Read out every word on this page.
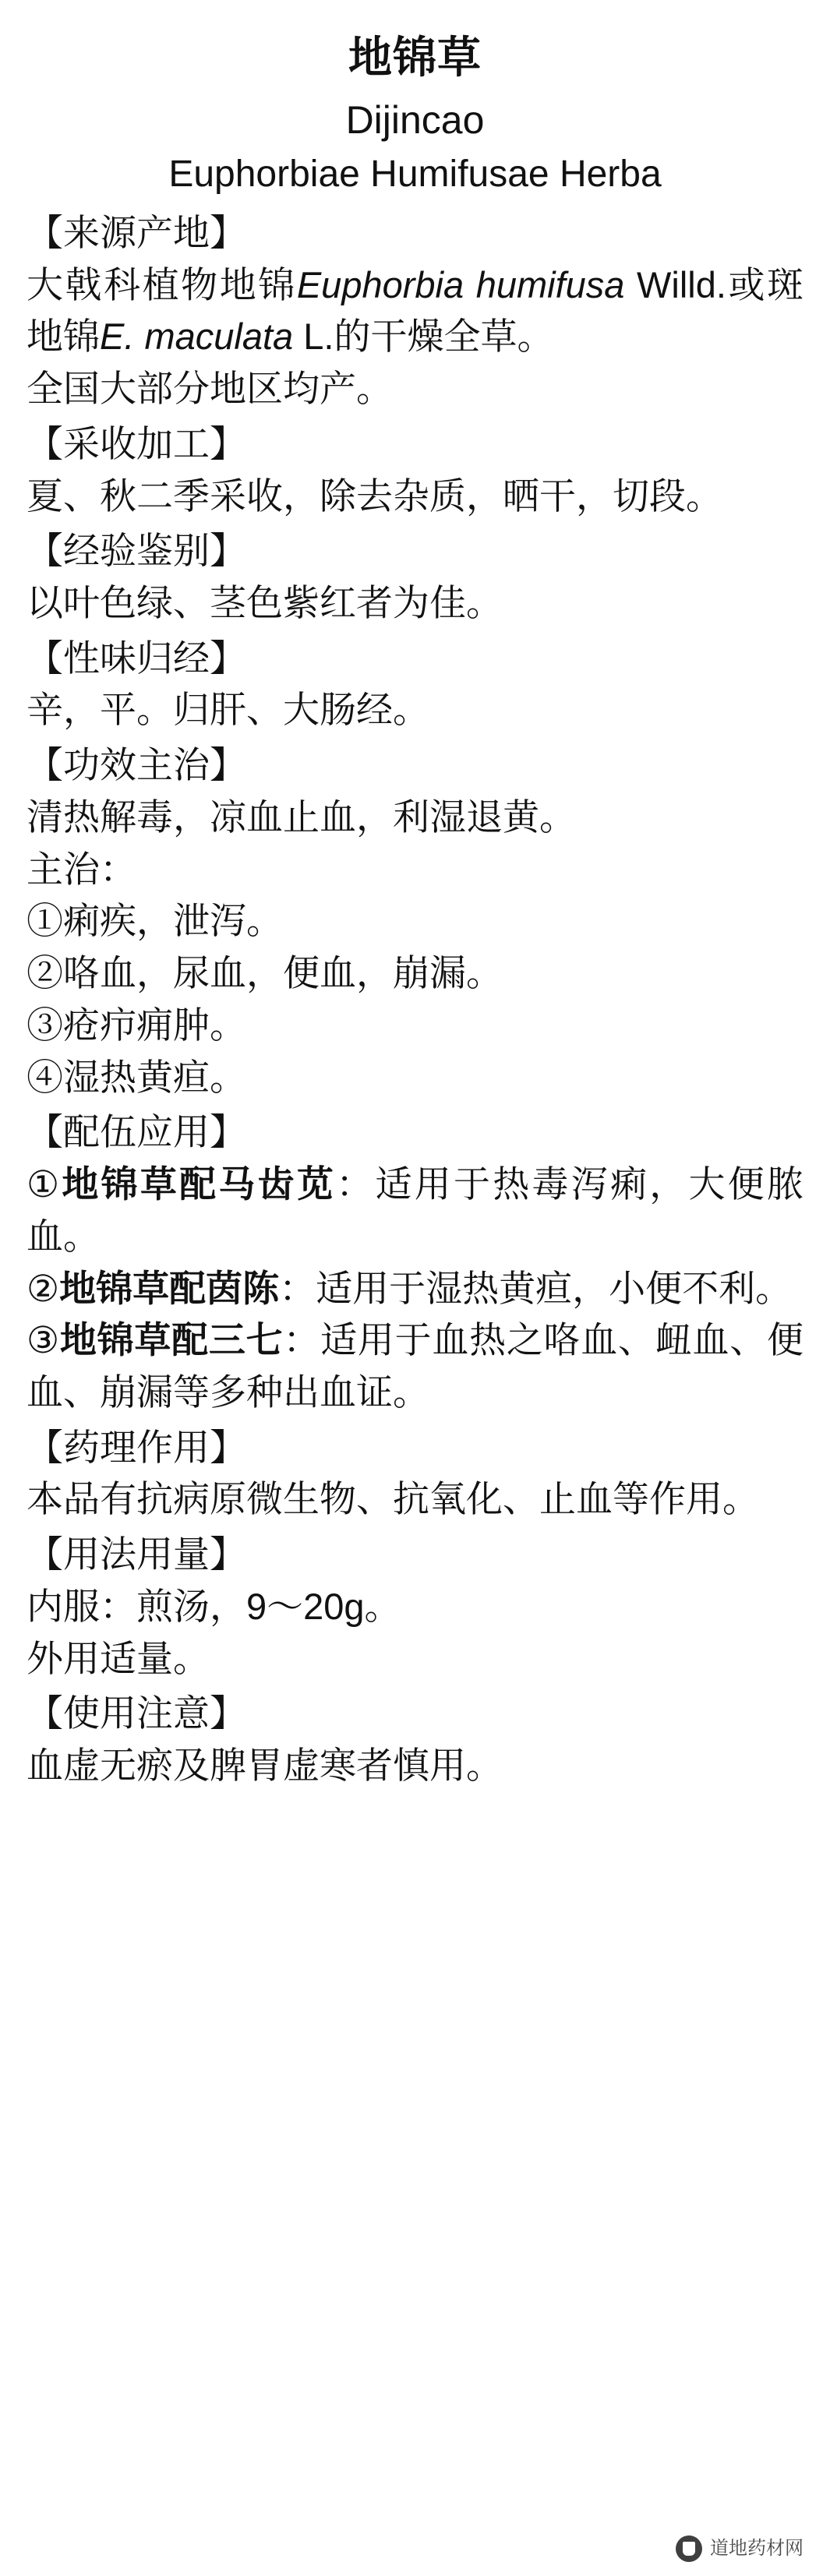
地锦草
Dijincao
Euphorbiae Humifusae Herba
【来源产地】

大戟科植物地锦Euphorbia humifusa Willd.或斑地锦E. maculata L.的干燥全草。

全国大部分地区均产。

【采收加工】

夏、秋二季采收，除去杂质，晒干，切段。

【经验鉴别】

以叶色绿、茎色紫红者为佳。

【性味归经】

辛，平。归肝、大肠经。

【功效主治】

清热解毒，凉血止血，利湿退黄。

主治：

①痢疾，泄泻。

②咯血，尿血，便血，崩漏。

③疮疖痈肿。

④湿热黄疸。

【配伍应用】

①地锦草配马齿苋：适用于热毒泻痢，大便脓血。

②地锦草配茵陈：适用于湿热黄疸，小便不利。

③地锦草配三七：适用于血热之咯血、衄血、便血、崩漏等多种出血证。

【药理作用】

本品有抗病原微生物、抗氧化、止血等作用。

【用法用量】

内服：煎汤，9～20g。

外用适量。

【使用注意】

血虚无瘀及脾胃虚寒者慎用。

道地药材网
